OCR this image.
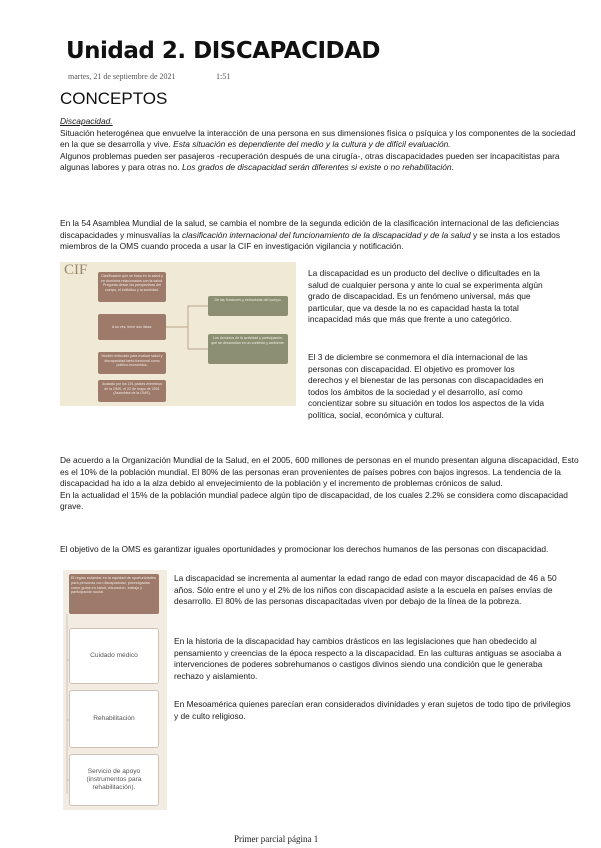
Unidad 2. DISCAPACIDAD
martes, 21 de septiembre de 2021	1:51
CONCEPTOS
Discapacidad.
Situación heterogénea que envuelve la interacción de una persona en sus dimensiones física o psíquica y los componentes de la sociedad en la que se desarrolla y vive. Esta situación es dependiente del medio y la cultura y de difícil evaluación.
Algunos problemas pueden ser pasajeros -recuperación después de una cirugía-, otras discapacidades pueden ser incapacitistas para algunas labores y para otras no. Los grados de discapacidad serán diferentes si existe o no rehabilitación.
En la 54 Asamblea Mundial de la salud, se cambia el nombre de la segunda edición de la clasificación internacional de las deficiencias discapacidades y minusvalías la clasificación internacional del funcionamiento de la discapacidad y de la salud y se insta a los estados miembros de la OMS cuando proceda a usar la CIF en investigación vigilancia y notificación.
CIF	Clasificación que se basa en la salud y en dominios relacionados con la salud. Pregunta desde las perspectivas del cuerpo, el individuo y la sociedad.
A su vez, tiene dos listas:
Modelo enfocado para evaluar salud y discapacidad tanto funcional como político-económica.
Avalado por los 191 países miembros de la OMS, el 22 de mayo de 2001 (Asamblea de la OMS).
De las funciones y estructuras del cuerpo.
Los dominios de la actividad y participación, que se desarrollan en un contexto y ambiente.
La discapacidad es un producto del declive o dificultades en la salud de cualquier persona y ante lo cual se experimenta algún grado de discapacidad. Es un fenómeno universal, más que particular, que va desde la no es capacidad hasta la total incapacidad más que más que frente a uno categórico.
El 3 de diciembre se conmemora el día internacional de las personas con discapacidad. El objetivo es promover los derechos y el bienestar de las personas con discapacidades en todos los ámbitos de la sociedad y el desarrollo, así como concientizar sobre su situación en todos los aspectos de la vida política, social, económica y cultural.
De acuerdo a la Organización Mundial de la Salud, en el 2005, 600 millones de personas en el mundo presentan alguna discapacidad, Esto es el 10% de la población mundial. El 80% de las personas eran provenientes de países pobres con bajos ingresos. La tendencia de la discapacidad ha ido a la alza debido al envejecimiento de la población y el incremento de problemas crónicos de salud.
En la actualidad el 15% de la población mundial padece algún tipo de discapacidad, de los cuales 2.2% se considera como discapacidad grave.
El objetivo de la OMS es garantizar iguales oportunidades y promocionar los derechos humanos de las personas con discapacidad.
El reglas estándar en la equidad de oportunidades para personas con discapacidad, promulgadas como guías en salud, educación, trabajo y participación social.
Cuidado médico
Rehabilitación
Servicio de apoyo (instrumentos para rehabilitación).
La discapacidad se incrementa al aumentar la edad rango de edad con mayor discapacidad de 46 a 50 años. Sólo entre el uno y el 2% de los niños con discapacidad asiste a la escuela en países envías de desarrollo. El 80% de las personas discapacitadas viven por debajo de la línea de la pobreza.
En la historia de la discapacidad hay cambios drásticos en las legislaciones que han obedecido al pensamiento y creencias de la época respecto a la discapacidad. En las culturas antiguas se asociaba a intervenciones de poderes sobrehumanos o castigos divinos siendo una condición que le generaba rechazo y aislamiento.
En Mesoamérica quienes parecían eran considerados divinidades y eran sujetos de todo tipo de privilegios y de culto religioso.
Primer parcial página 1
